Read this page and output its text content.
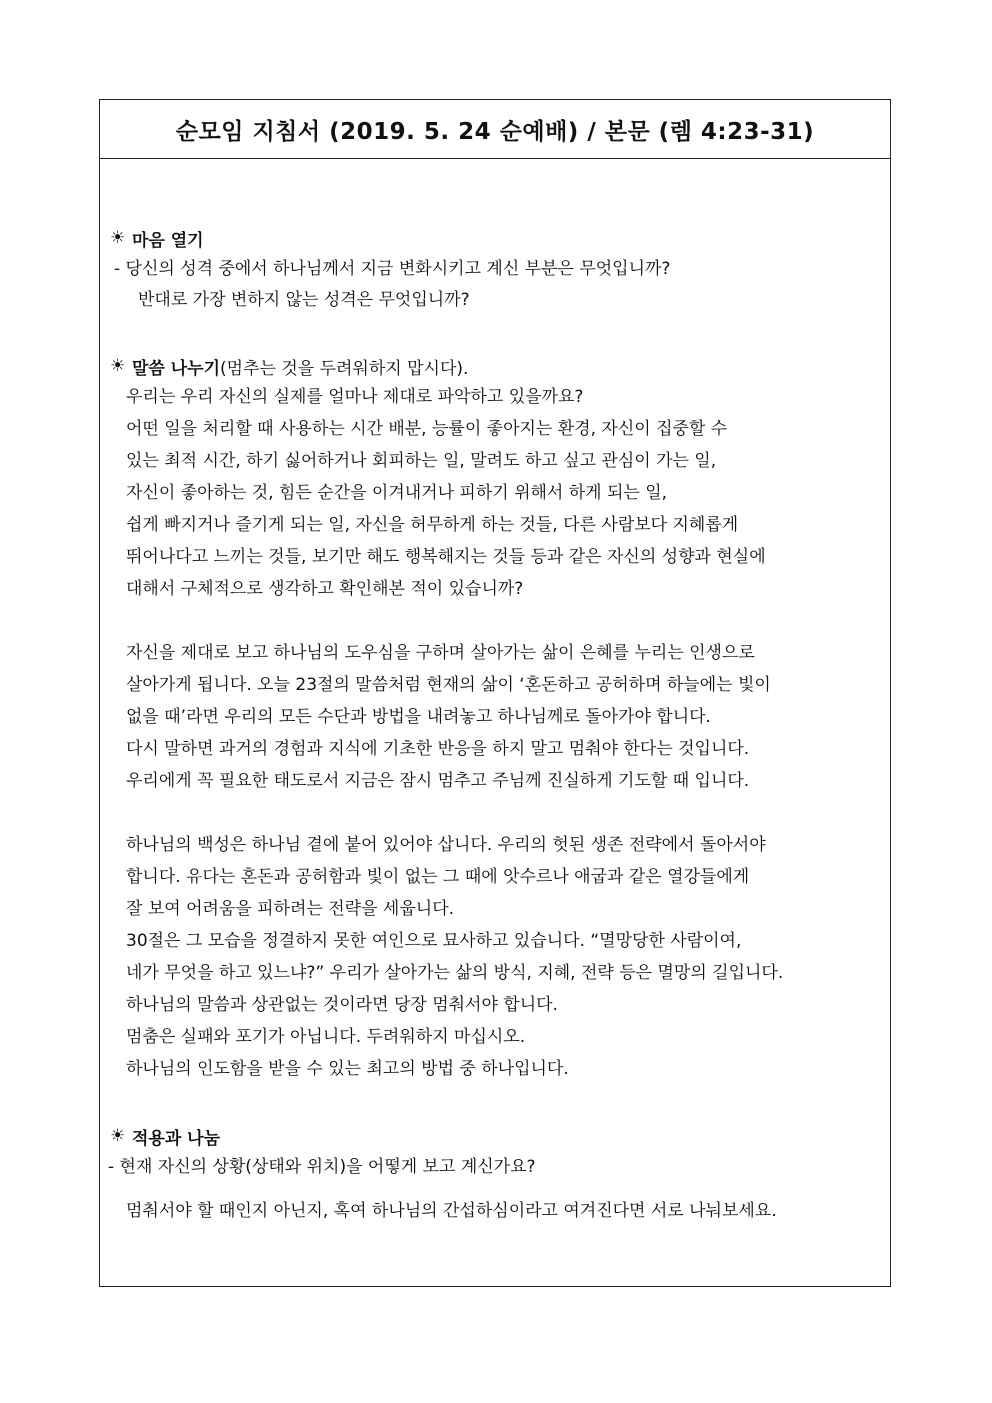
순모임 지침서 (2019. 5. 24 순예배) / 본문 (렘 4:23-31)
☀ 마음 열기
- 당신의 성격 중에서 하나님께서 지금 변화시키고 계신 부분은 무엇입니까?
반대로 가장 변하지 않는 성격은 무엇입니까?
☀ 말씀 나누기 (멈추는 것을 두려워하지 맙시다).
우리는 우리 자신의 실제를 얼마나 제대로 파악하고 있을까요?
어떤 일을 처리할 때 사용하는 시간 배분, 능률이 좋아지는 환경, 자신이 집중할 수
있는 최적 시간, 하기 싫어하거나 회피하는 일, 말려도 하고 싶고 관심이 가는 일,
자신이 좋아하는 것, 힘든 순간을 이겨내거나 피하기 위해서 하게 되는 일,
쉽게 빠지거나 즐기게 되는 일, 자신을 허무하게 하는 것들, 다른 사람보다 지혜롭게
뛰어나다고 느끼는 것들, 보기만 해도 행복해지는 것들 등과 같은 자신의 성향과 현실에
대해서 구체적으로 생각하고 확인해본 적이 있습니까?
자신을 제대로 보고 하나님의 도우심을 구하며 살아가는 삶이 은혜를 누리는 인생으로
살아가게 됩니다. 오늘 23절의 말씀처럼 현재의 삶이 ‘혼돈하고 공허하며 하늘에는 빛이
없을 때’라면 우리의 모든 수단과 방법을 내려놓고 하나님께로 돌아가야 합니다.
다시 말하면 과거의 경험과 지식에 기초한 반응을 하지 말고 멈춰야 한다는 것입니다.
우리에게 꼭 필요한 태도로서 지금은 잠시 멈추고 주님께 진실하게 기도할 때 입니다.
하나님의 백성은 하나님 곁에 붙어 있어야 삽니다. 우리의 헛된 생존 전략에서 돌아서야
합니다. 유다는 혼돈과 공허함과 빛이 없는 그 때에 앗수르나 애굽과 같은 열강들에게
잘 보여 어려움을 피하려는 전략을 세웁니다.
30절은 그 모습을 정결하지 못한 여인으로 묘사하고 있습니다. “멸망당한 사람이여,
네가 무엇을 하고 있느냐?” 우리가 살아가는 삶의 방식, 지혜, 전략 등은 멸망의 길입니다.
하나님의 말씀과 상관없는 것이라면 당장 멈춰서야 합니다.
멈춤은 실패와 포기가 아닙니다. 두려워하지 마십시오.
하나님의 인도함을 받을 수 있는 최고의 방법 중 하나입니다.
☀ 적용과 나눔
- 현재 자신의 상황(상태와 위치)을 어떻게 보고 계신가요?
멈춰서야 할 때인지 아닌지, 혹여 하나님의 간섭하심이라고 여겨진다면 서로 나눠보세요.
